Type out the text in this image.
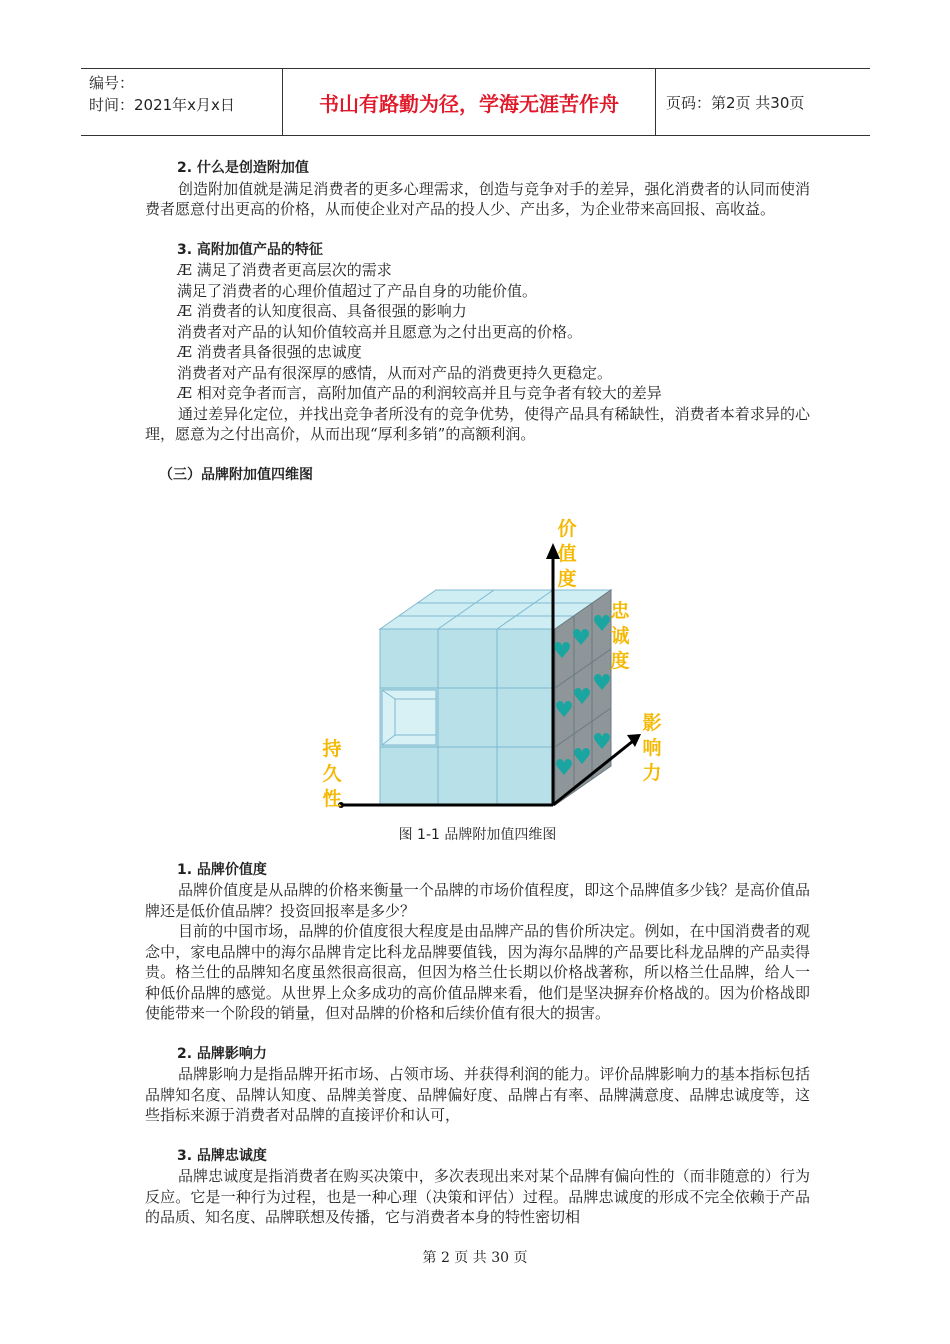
编号：
时间：2021年x月x日	书山有路勤为径，学海无涯苦作舟	页码：第2页 共30页
2. 什么是创造附加值

创造附加值就是满足消费者的更多心理需求，创造与竞争对手的差异，强化消费者的认同而使消费者愿意付出更高的价格，从而使企业对产品的投人少、产出多，为企业带来高回报、高收益。

3. 高附加值产品的特征
Æ 满足了消费者更高层次的需求
满足了消费者的心理价值超过了产品自身的功能价值。
Æ 消费者的认知度很高、具备很强的影响力
消费者对产品的认知价值较高并且愿意为之付出更高的价格。
Æ 消费者具备很强的忠诚度
消费者对产品有很深厚的感情，从而对产品的消费更持久更稳定。
Æ 相对竞争者而言，高附加值产品的利润较高并且与竞争者有较大的差异

通过差异化定位，并找出竞争者所没有的竞争优势，使得产品具有稀缺性，消费者本着求异的心理，愿意为之付出高价，从而出现“厚利多销”的高额利润。

（三）品牌附加值四维图
♥
♥
♥
♥
♥
♥
♥
♥
♥
价
值
度
忠
诚
度
影
响
力
持
久
性

图 1-1 品牌附加值四维图

1. 品牌价值度

品牌价值度是从品牌的价格来衡量一个品牌的市场价值程度，即这个品牌值多少钱？是高价值品牌还是低价值品牌？投资回报率是多少？

目前的中国市场，品牌的价值度很大程度是由品牌产品的售价所决定。例如，在中国消费者的观念中，家电品牌中的海尔品牌肯定比科龙品牌要值钱，因为海尔品牌的产品要比科龙品牌的产品卖得贵。格兰仕的品牌知名度虽然很高很高，但因为格兰仕长期以价格战著称，所以格兰仕品牌，给人一种低价品牌的感觉。从世界上众多成功的高价值品牌来看，他们是坚决摒弃价格战的。因为价格战即使能带来一个阶段的销量，但对品牌的价格和后续价值有很大的损害。

2. 品牌影响力

品牌影响力是指品牌开拓市场、占领市场、并获得利润的能力。评价品牌影响力的基本指标包括品牌知名度、品牌认知度、品牌美誉度、品牌偏好度、品牌占有率、品牌满意度、品牌忠诚度等，这些指标来源于消费者对品牌的直接评价和认可，

3. 品牌忠诚度

品牌忠诚度是指消费者在购买决策中，多次表现出来对某个品牌有偏向性的（而非随意的）行为反应。它是一种行为过程，也是一种心理（决策和评估）过程。品牌忠诚度的形成不完全依赖于产品的品质、知名度、品牌联想及传播，它与消费者本身的特性密切相

第 2 页 共 30 页
